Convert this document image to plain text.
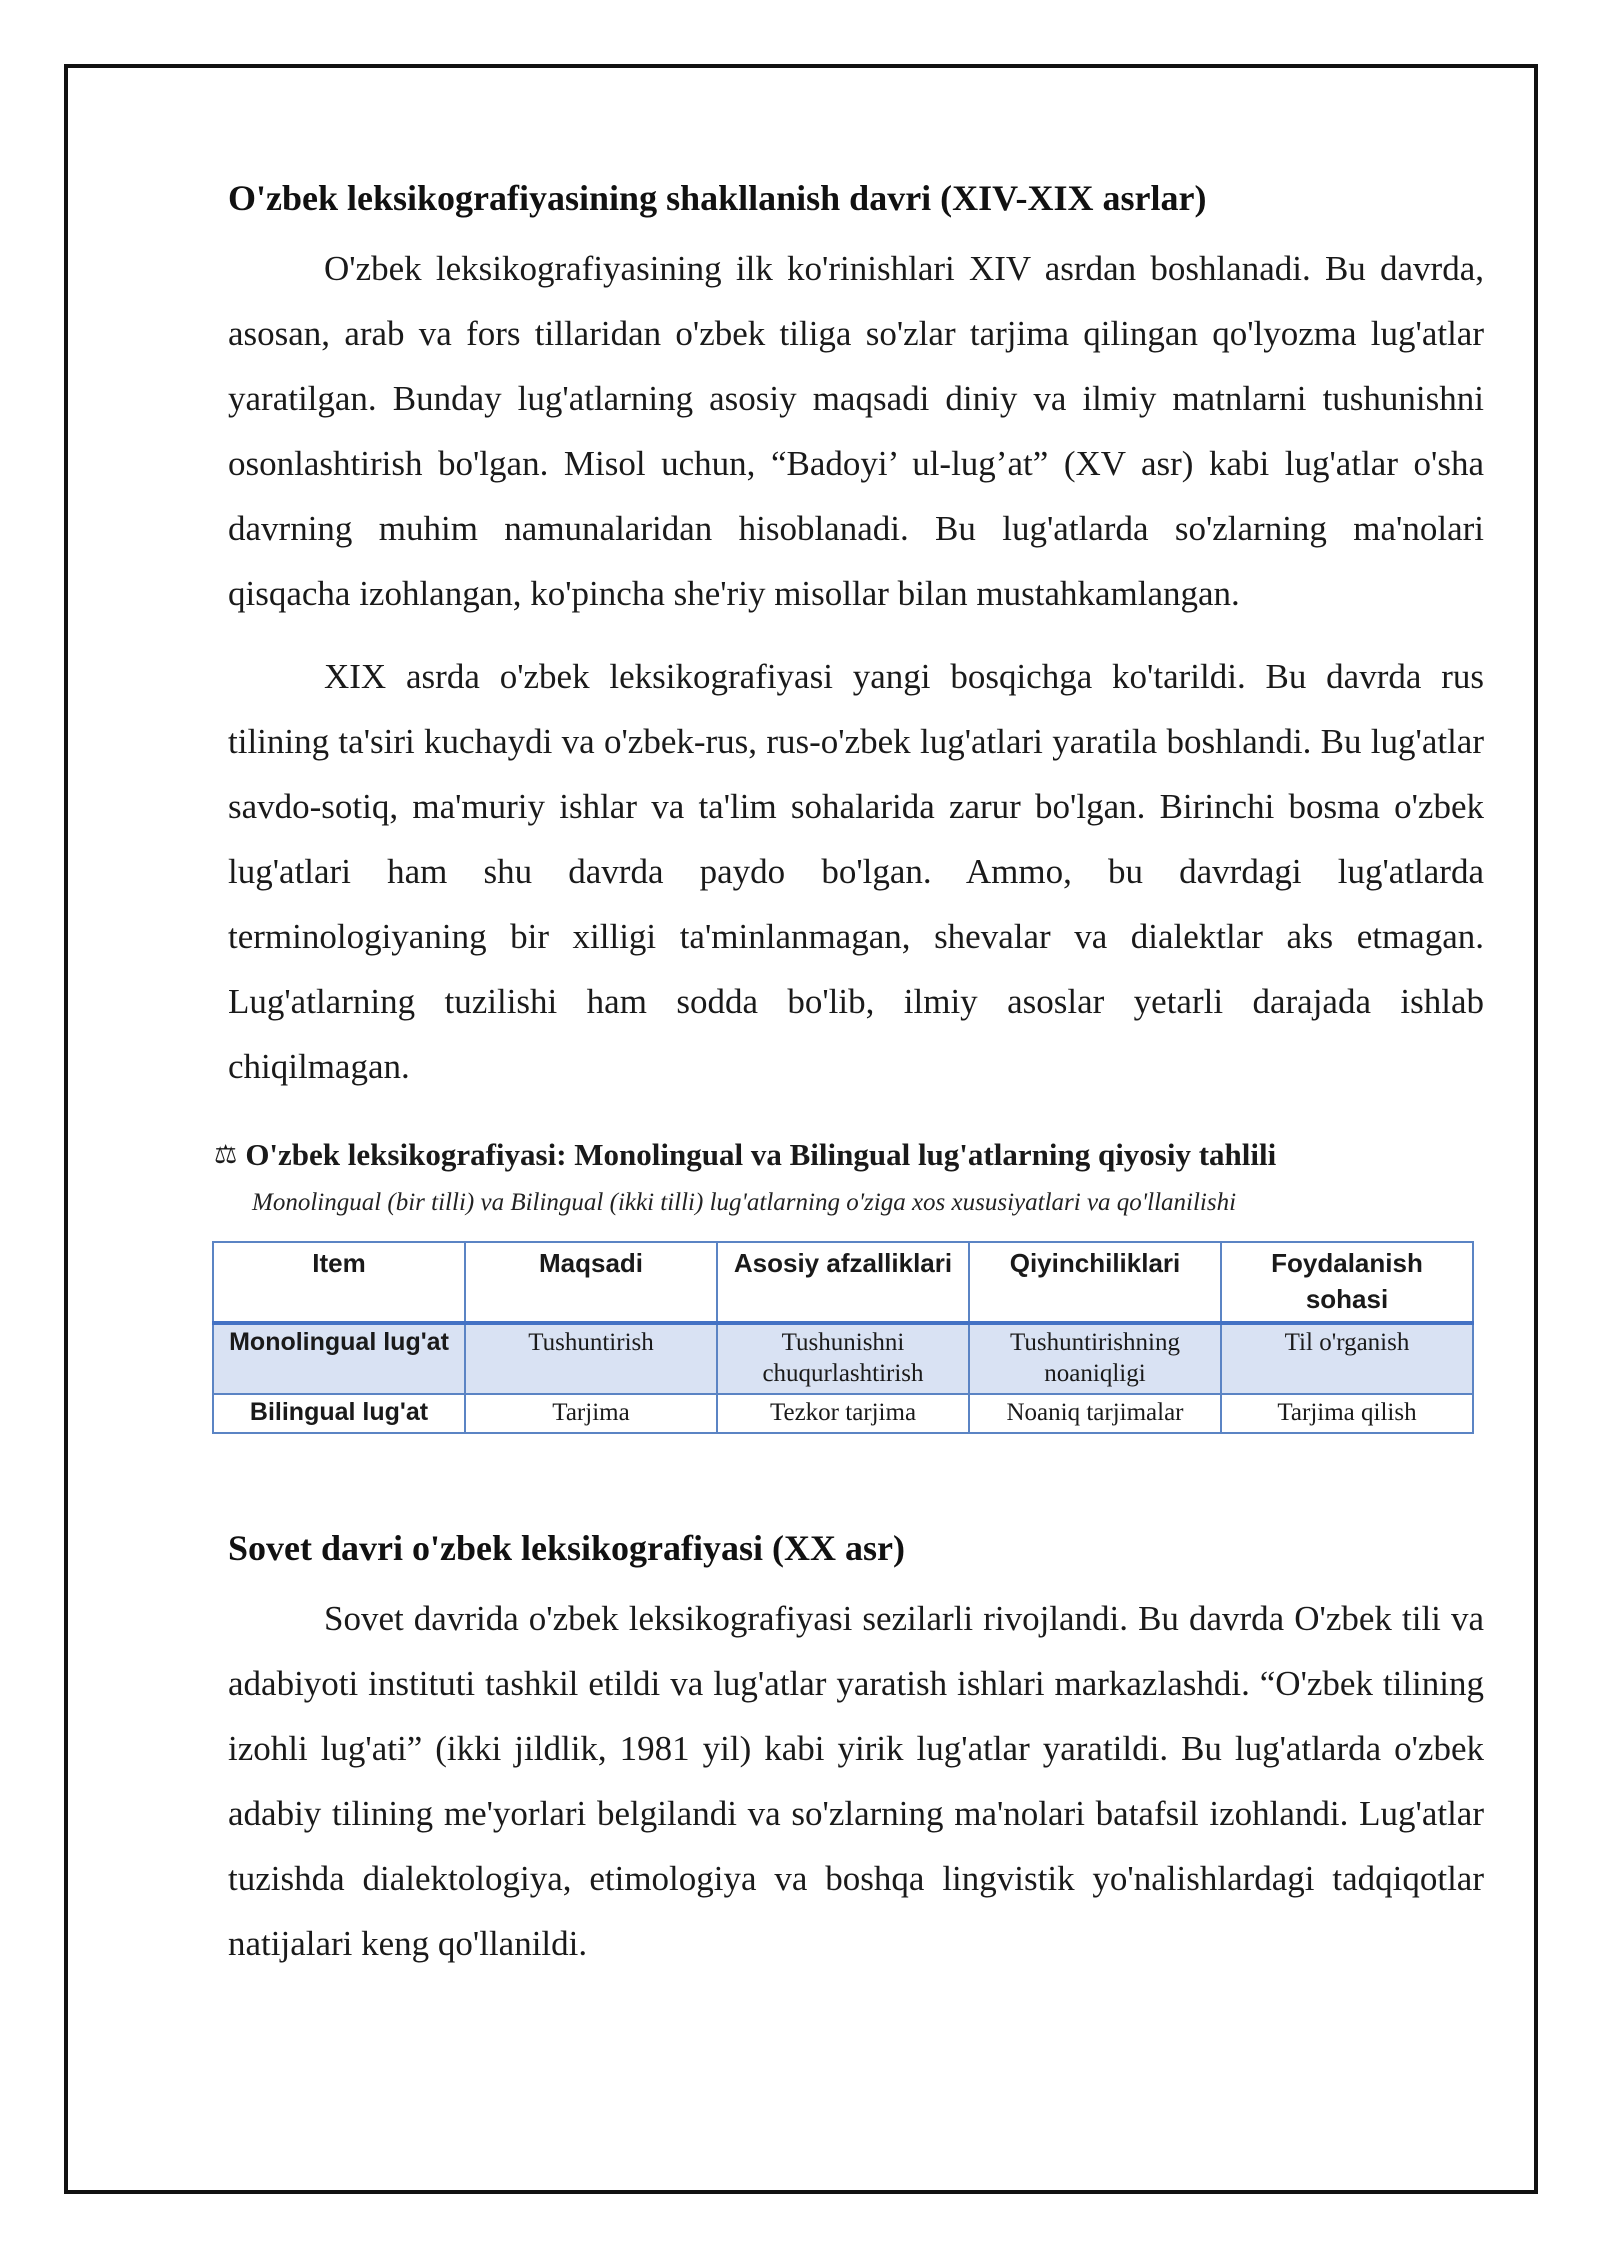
O'zbek leksikografiyasining shakllanish davri (XIV-XIX asrlar)

O'zbek leksikografiyasining ilk ko'rinishlari XIV asrdan boshlanadi. Bu davrda, asosan, arab va fors tillaridan o'zbek tiliga so'zlar tarjima qilingan qo'lyozma lug'atlar yaratilgan. Bunday lug'atlarning asosiy maqsadi diniy va ilmiy matnlarni tushunishni osonlashtirish bo'lgan. Misol uchun, “Badoyi’ ul-lug’at” (XV asr) kabi lug'atlar o'sha davrning muhim namunalaridan hisoblanadi. Bu lug'atlarda so'zlarning ma'nolari qisqacha izohlangan, ko'pincha she'riy misollar bilan mustahkamlangan.

XIX asrda o'zbek leksikografiyasi yangi bosqichga ko'tarildi. Bu davrda rus tilining ta'siri kuchaydi va o'zbek-rus, rus-o'zbek lug'atlari yaratila boshlandi. Bu lug'atlar savdo-sotiq, ma'muriy ishlar va ta'lim sohalarida zarur bo'lgan. Birinchi bosma o'zbek lug'atlari ham shu davrda paydo bo'lgan. Ammo, bu davrdagi lug'atlarda terminologiyaning bir xilligi ta'minlanmagan, shevalar va dialektlar aks etmagan. Lug'atlarning tuzilishi ham sodda bo'lib, ilmiy asoslar yetarli darajada ishlab chiqilmagan.

⚖ O'zbek leksikografiyasi: Monolingual va Bilingual lug'atlarning qiyosiy tahlili
Monolingual (bir tilli) va Bilingual (ikki tilli) lug'atlarning o'ziga xos xususiyatlari va qo'llanilishi
Item	Maqsadi	Asosiy afzalliklari	Qiyinchiliklari	Foydalanish sohasi
Monolingual lug'at	Tushuntirish	Tushunishni chuqurlashtirish	Tushuntirishning noaniqligi	Til o'rganish
Bilingual lug'at	Tarjima	Tezkor tarjima	Noaniq tarjimalar	Tarjima qilish
Sovet davri o'zbek leksikografiyasi (XX asr)

Sovet davrida o'zbek leksikografiyasi sezilarli rivojlandi. Bu davrda O'zbek tili va adabiyoti instituti tashkil etildi va lug'atlar yaratish ishlari markazlashdi. “O'zbek tilining izohli lug'ati” (ikki jildlik, 1981 yil) kabi yirik lug'atlar yaratildi. Bu lug'atlarda o'zbek adabiy tilining me'yorlari belgilandi va so'zlarning ma'nolari batafsil izohlandi. Lug'atlar tuzishda dialektologiya, etimologiya va boshqa lingvistik yo'nalishlardagi tadqiqotlar natijalari keng qo'llanildi.
